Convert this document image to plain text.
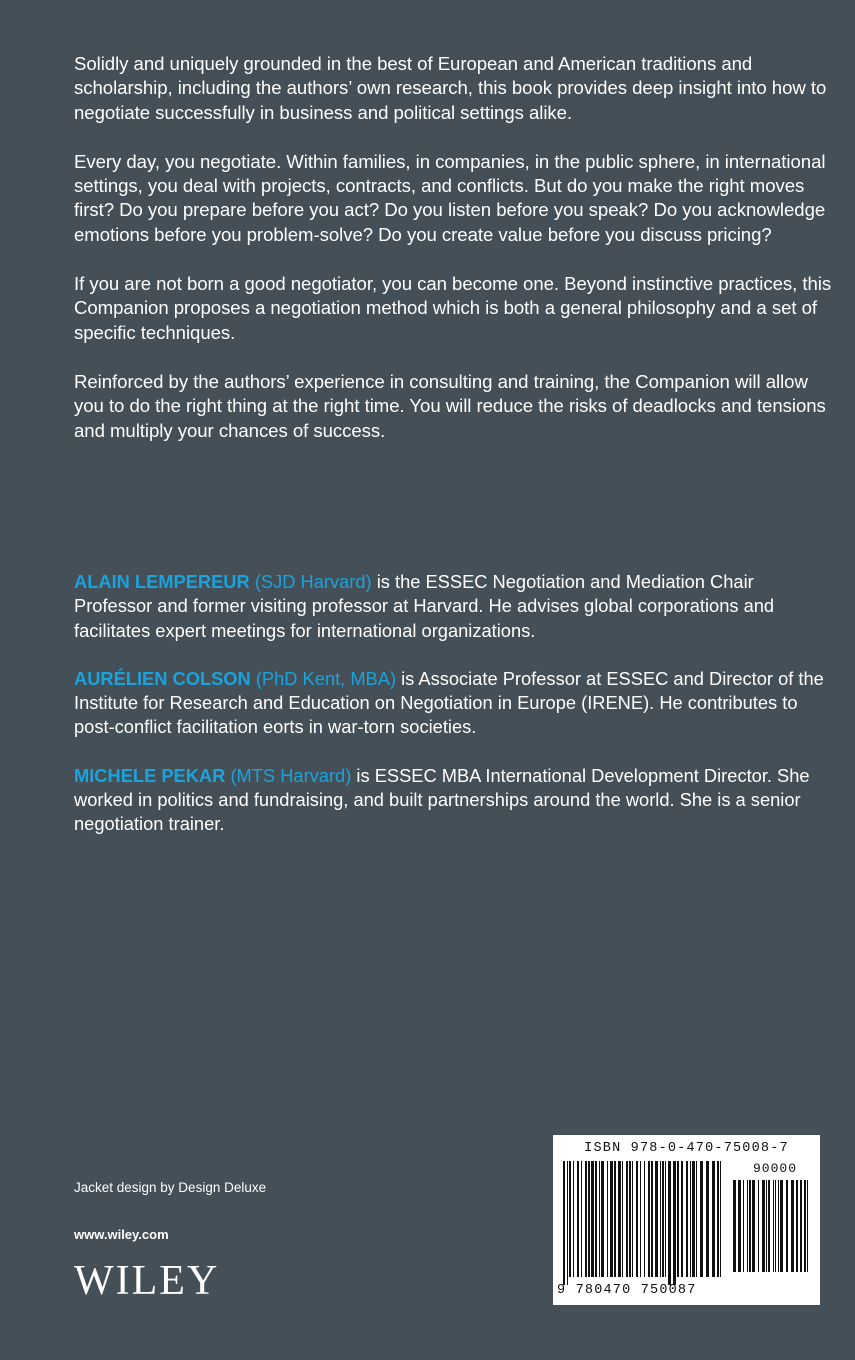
Solidly and uniquely grounded in the best of European and American traditions and scholarship, including the authors’ own research, this book provides deep insight into how to negotiate successfully in business and political settings alike.

Every day, you negotiate. Within families, in companies, in the public sphere, in international settings, you deal with projects, contracts, and conflicts. But do you make the right moves first? Do you prepare before you act? Do you listen before you speak? Do you acknowledge emotions before you problem-solve? Do you create value before you discuss pricing?

If you are not born a good negotiator, you can become one. Beyond instinctive practices, this Companion proposes a negotiation method which is both a general philosophy and a set of specific techniques.

Reinforced by the authors’ experience in consulting and training, the Companion will allow you to do the right thing at the right time. You will reduce the risks of deadlocks and tensions and multiply your chances of success.

ALAIN LEMPEREUR (SJD Harvard) is the ESSEC Negotiation and Mediation Chair Professor and former visiting professor at Harvard. He advises global corporations and facilitates expert meetings for international organizations.

AURÉLIEN COLSON (PhD Kent, MBA) is Associate Professor at ESSEC and Director of the Institute for Research and Education on Negotiation in Europe (IRENE). He contributes to post-conflict facilitation eorts in war-torn societies.

MICHELE PEKAR (MTS Harvard) is ESSEC MBA International Development Director. She worked in politics and fundraising, and built partnerships around the world. She is a senior negotiation trainer.

Jacket design by Design Deluxe
www.wiley.com
WILEY
ISBN 978-0-470-75008-7
90000
9 780470 750087
